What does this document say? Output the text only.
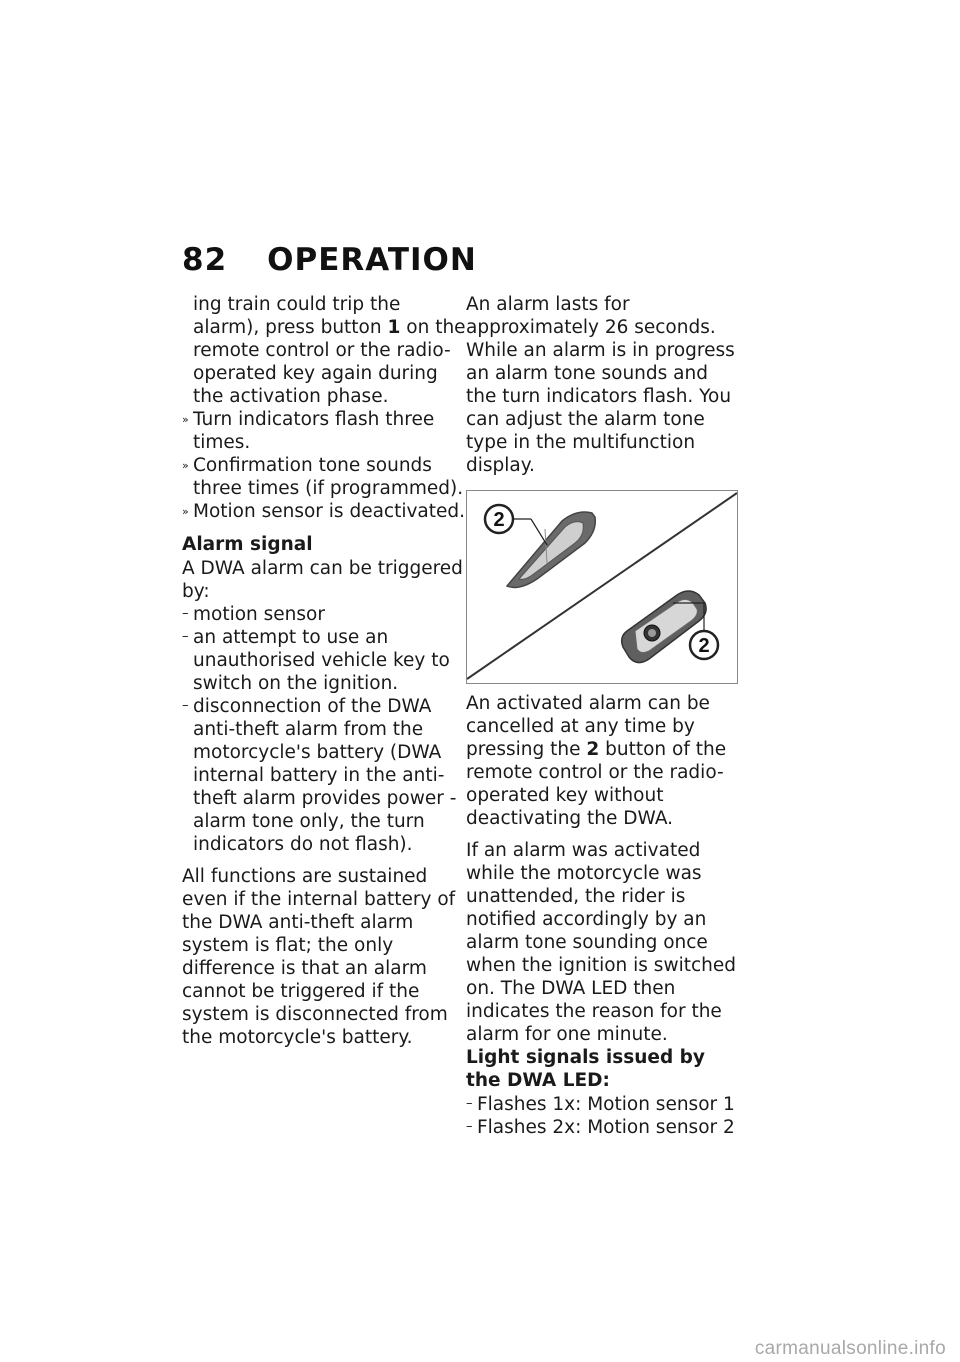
82 OPERATION

ing train could trip the alarm), press button 1 on the remote control or the radio-operated key again during the activation phase.

» Turn indicators flash three times.

» Confirmation tone sounds three times (if programmed).

» Motion sensor is deactivated.

Alarm signal

A DWA alarm can be triggered by:

– motion sensor

– an attempt to use an unauthorised vehicle key to switch on the ignition.

– disconnection of the DWA anti-theft alarm from the motorcycle's battery (DWA internal battery in the anti-theft alarm provides power - alarm tone only, the turn indicators do not flash).

All functions are sustained even if the internal battery of the DWA anti-theft alarm system is flat; the only difference is that an alarm cannot be triggered if the system is disconnected from the motorcycle's battery.

An alarm lasts for approximately 26 seconds. While an alarm is in progress an alarm tone sounds and the turn indicators flash. You can adjust the alarm tone type in the multifunction display.

2
2

An activated alarm can be cancelled at any time by pressing the 2 button of the remote control or the radio-operated key without deactivating the DWA.

If an alarm was activated while the motorcycle was unattended, the rider is notified accordingly by an alarm tone sounding once when the ignition is switched on. The DWA LED then indicates the reason for the alarm for one minute.

Light signals issued by the DWA LED:

– Flashes 1x: Motion sensor 1

– Flashes 2x: Motion sensor 2

carmanualsonline.info
